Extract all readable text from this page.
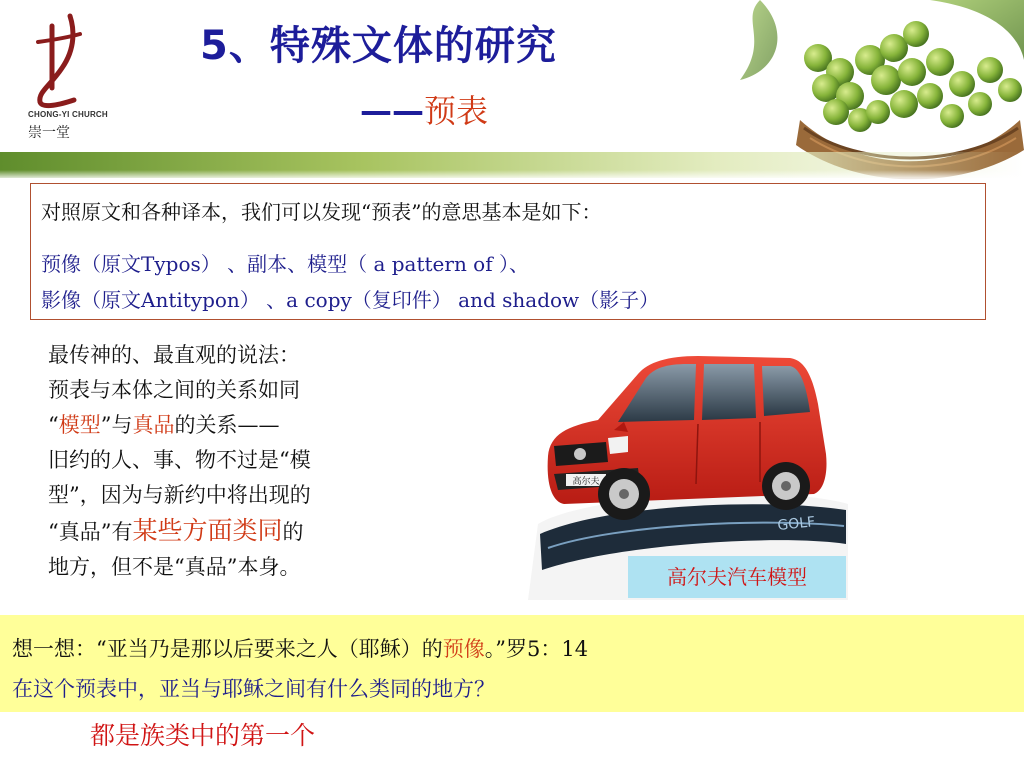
CHONG-YI CHURCH
崇一堂
5、特殊文体的研究
——预表
对照原文和各种译本，我们可以发现“预表”的意思基本是如下：
预像（原文Typos） 、副本、模型（ a pattern of ）、
影像（原文Antitypon） 、a copy（复印件） and shadow（影子）
最传神的、最直观的说法：
预表与本体之间的关系如同
“模型”与真品的关系——
旧约的人、事、物不过是“模
型”，因为与新约中将出现的
“真品”有某些方面类同的
地方，但不是“真品”本身。
GOLF
高尔夫
高尔夫汽车模型
想一想：“亚当乃是那以后要来之人（耶稣）的预像。”罗5：14
在这个预表中，亚当与耶稣之间有什么类同的地方？
都是族类中的第一个
